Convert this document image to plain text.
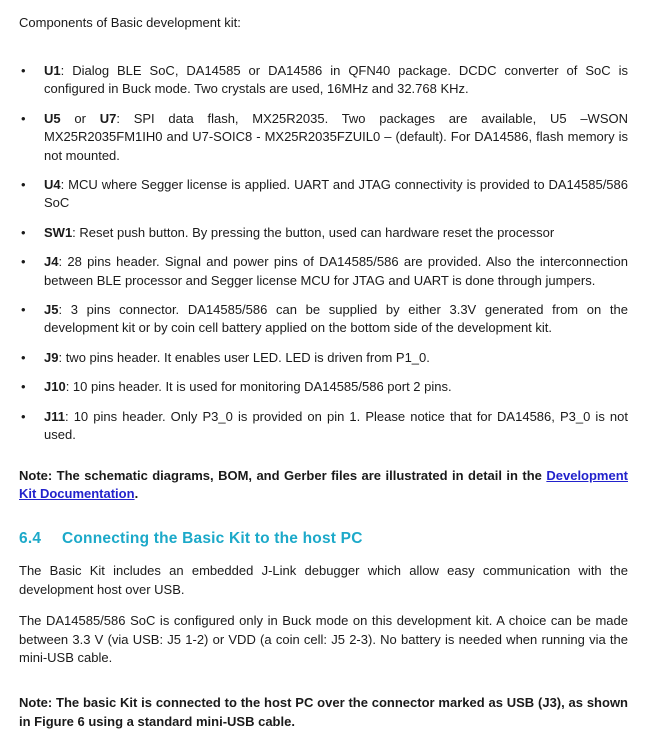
Components of Basic development kit:

• U1: Dialog BLE SoC, DA14585 or DA14586 in QFN40 package. DCDC converter of SoC is configured in Buck mode. Two crystals are used, 16MHz and 32.768 KHz.
• U5 or U7: SPI data flash, MX25R2035. Two packages are available, U5 –WSON MX25R2035FM1IH0 and U7-SOIC8 - MX25R2035FZUIL0 – (default). For DA14586, flash memory is not mounted.
• U4: MCU where Segger license is applied. UART and JTAG connectivity is provided to DA14585/586 SoC
• SW1: Reset push button. By pressing the button, used can hardware reset the processor
• J4: 28 pins header. Signal and power pins of DA14585/586 are provided. Also the interconnection between BLE processor and Segger license MCU for JTAG and UART is done through jumpers.
• J5: 3 pins connector. DA14585/586 can be supplied by either 3.3V generated from on the development kit or by coin cell battery applied on the bottom side of the development kit.
• J9: two pins header. It enables user LED. LED is driven from P1_0.
• J10: 10 pins header. It is used for monitoring DA14585/586 port 2 pins.
• J11: 10 pins header. Only P3_0 is provided on pin 1. Please notice that for DA14586, P3_0 is not used.

Note: The schematic diagrams, BOM, and Gerber files are illustrated in detail in the Development Kit Documentation.

6.4	Connecting the Basic Kit to the host PC

The Basic Kit includes an embedded J-Link debugger which allow easy communication with the development host over USB.

The DA14585/586 SoC is configured only in Buck mode on this development kit. A choice can be made between 3.3 V (via USB: J5 1-2) or VDD (a coin cell: J5 2-3). No battery is needed when running via the mini-USB cable.

Note: The basic Kit is connected to the host PC over the connector marked as USB (J3), as shown in Figure 6 using a standard mini-USB cable.
